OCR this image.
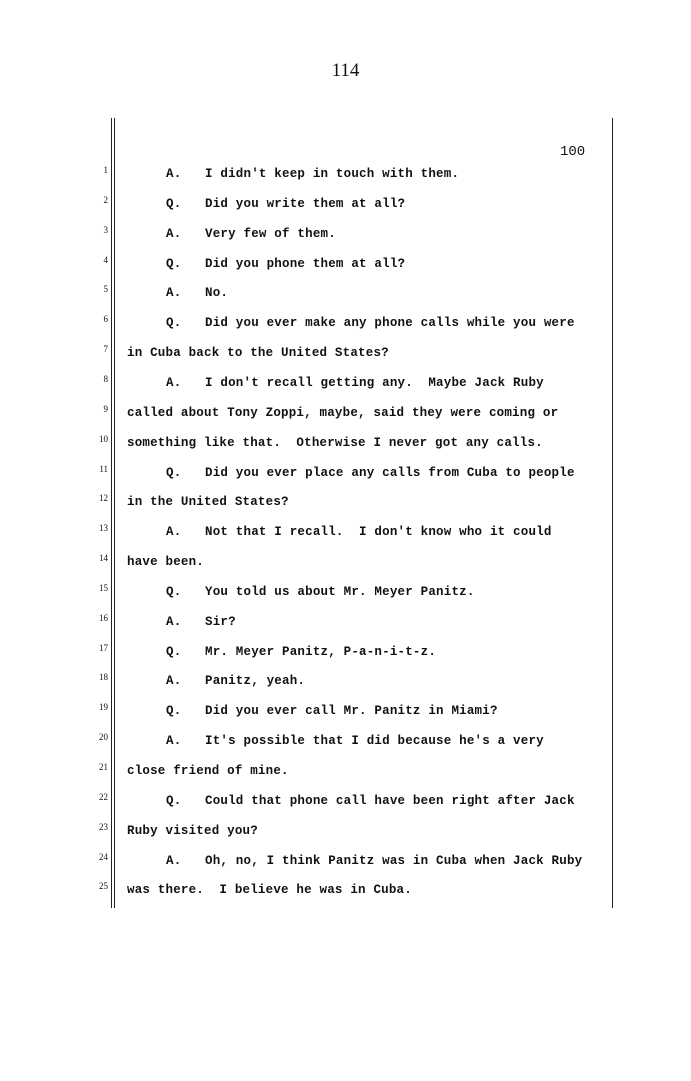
114
100
1
2
3
4
5
6
7
8
9
10
11
12
13
14
15
16
17
18
19
20
21
22
23
24
25
A. I didn't keep in touch with them.
Q. Did you write them at all?
A. Very few of them.
Q. Did you phone them at all?
A. No.
Q. Did you ever make any phone calls while you were
in Cuba back to the United States?
A. I don't recall getting any.  Maybe Jack Ruby
called about Tony Zoppi, maybe, said they were coming or
something like that.  Otherwise I never got any calls.
Q. Did you ever place any calls from Cuba to people
in the United States?
A. Not that I recall.  I don't know who it could
have been.
Q. You told us about Mr. Meyer Panitz.
A. Sir?
Q. Mr. Meyer Panitz, P-a-n-i-t-z.
A. Panitz, yeah.
Q. Did you ever call Mr. Panitz in Miami?
A. It's possible that I did because he's a very
close friend of mine.
Q. Could that phone call have been right after Jack
Ruby visited you?
A. Oh, no, I think Panitz was in Cuba when Jack Ruby
was there.  I believe he was in Cuba.
